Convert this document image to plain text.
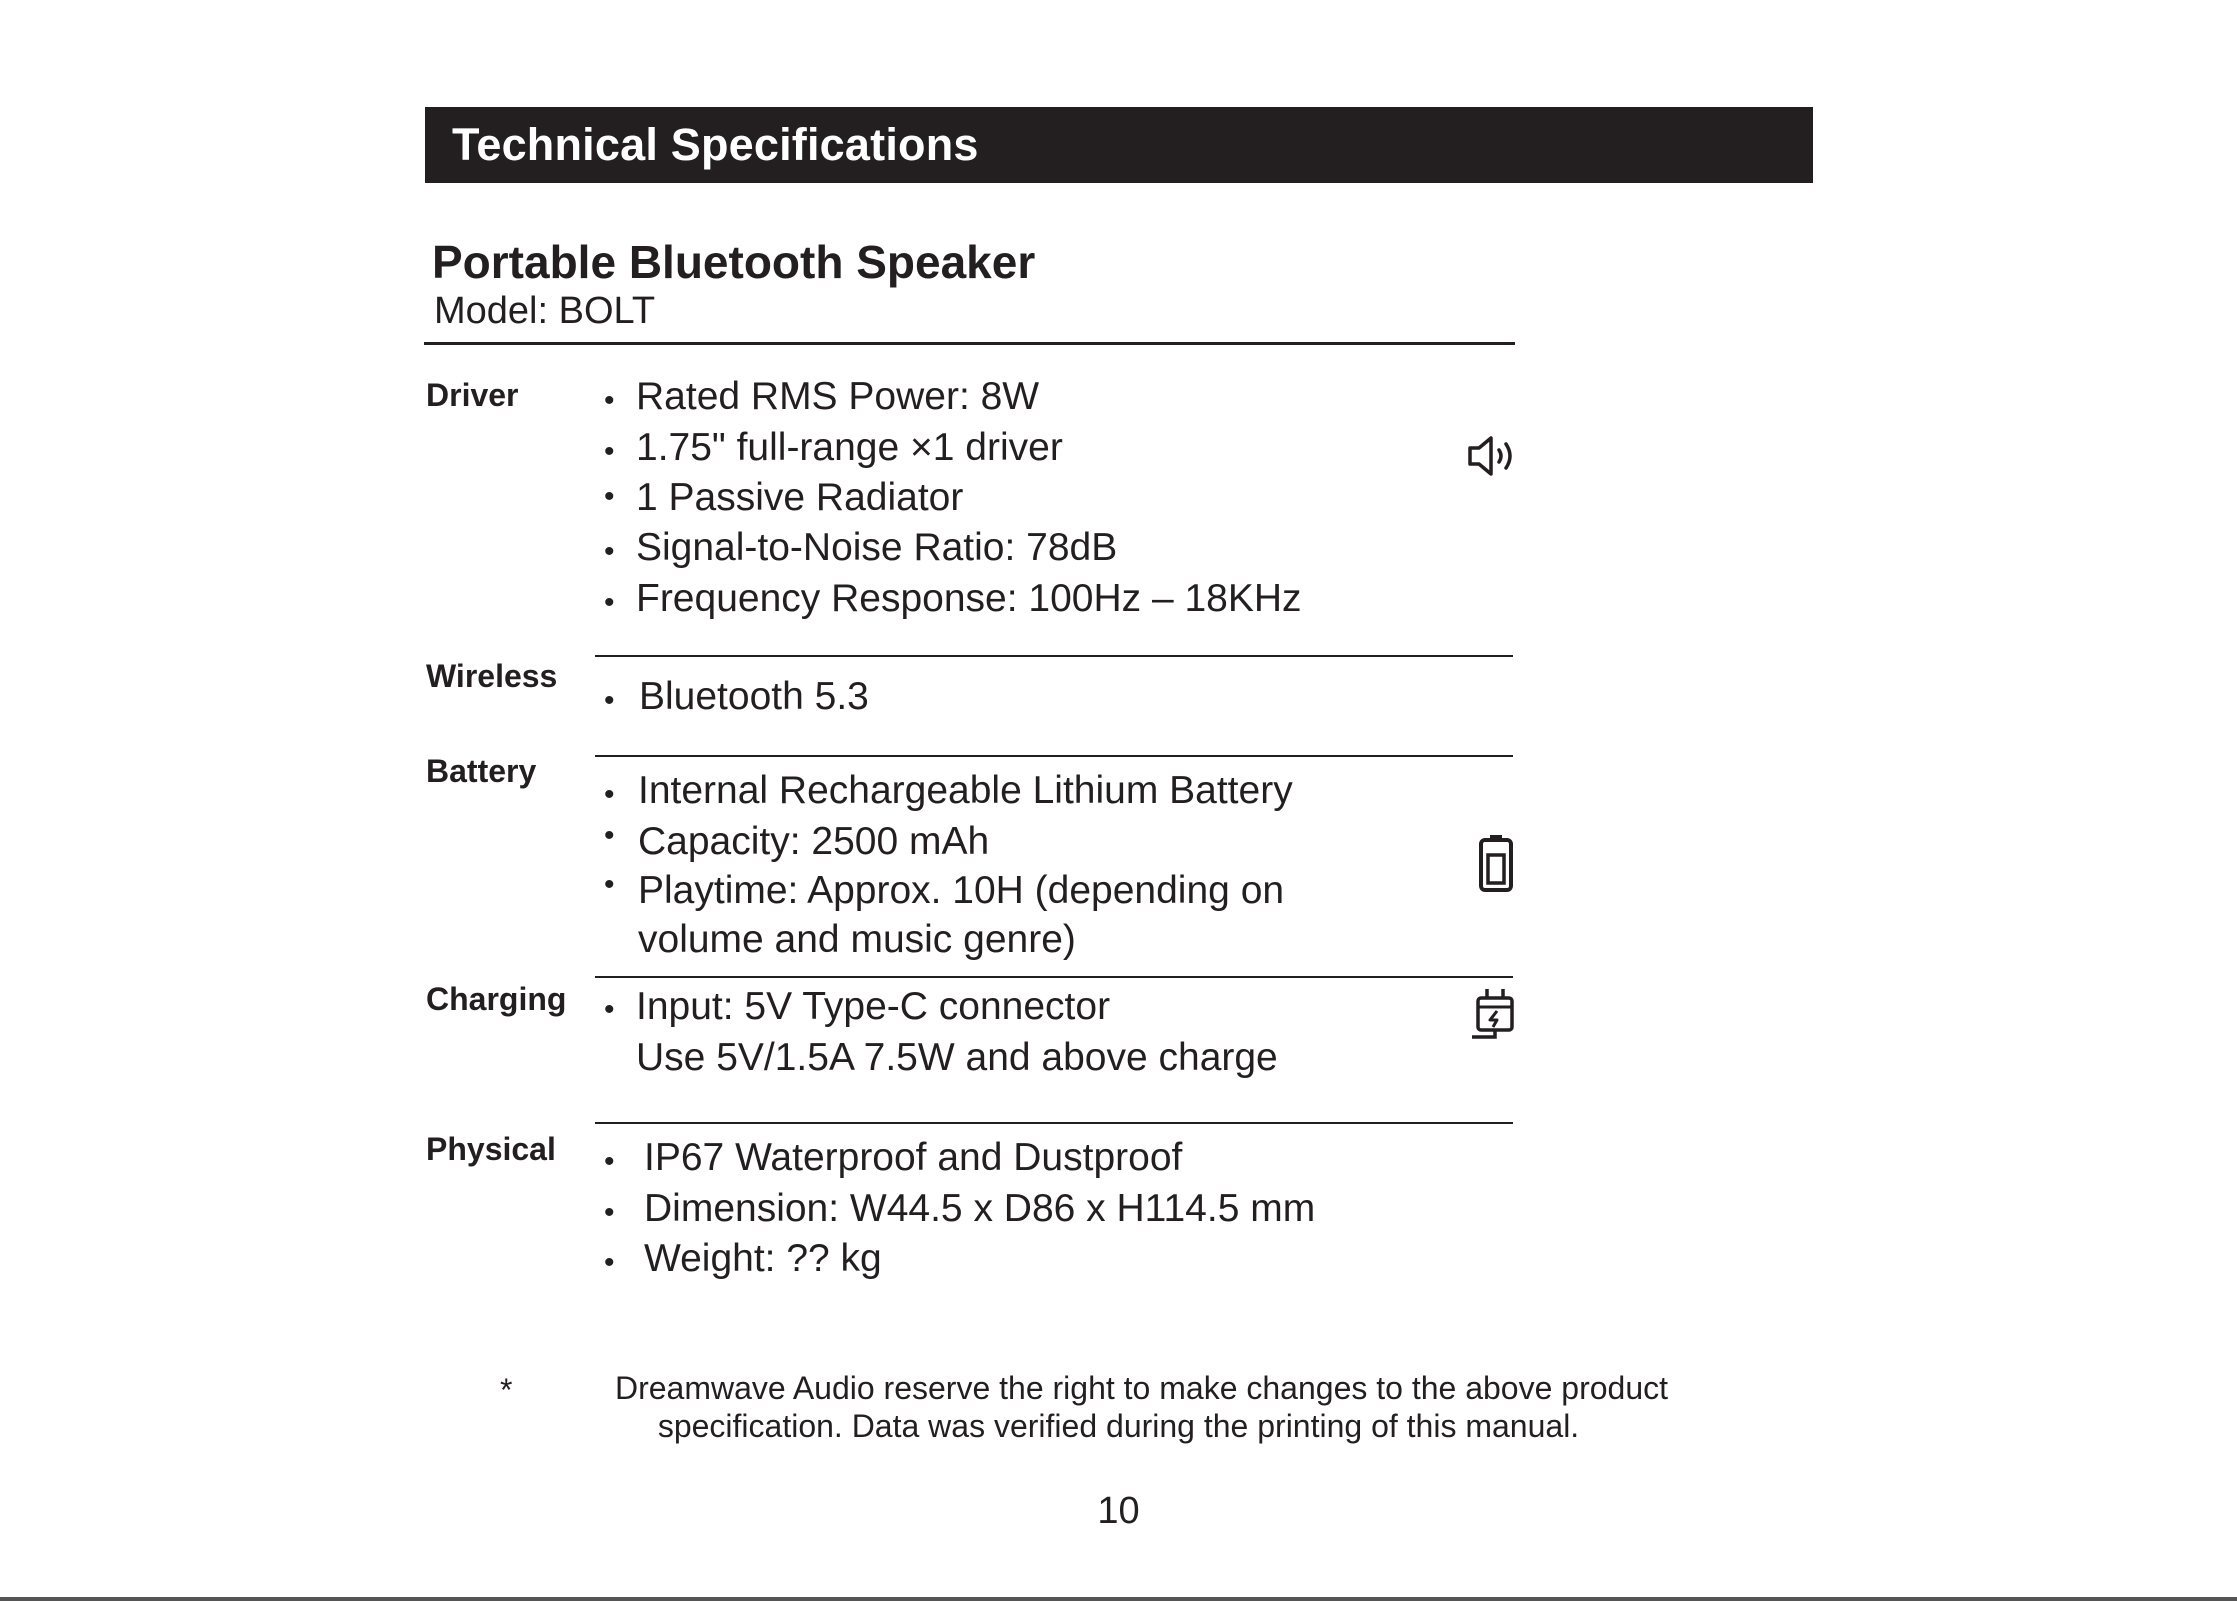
Technical Specifications
Portable Bluetooth Speaker
Model: BOLT
Driver	• Rated RMS Power: 8W
• 1.75" full-range ×1 driver
• 1 Passive Radiator
• Signal-to-Noise Ratio: 78dB
• Frequency Response: 100Hz – 18KHz
Wireless
• Bluetooth 5.3
Battery
• Internal Rechargeable Lithium Battery
• Capacity: 2500 mAh
• Playtime: Approx. 10H (depending on
volume and music genre)
Charging • Input: 5V Type-C connector
Use 5V/1.5A 7.5W and above charge
Physical • IP67 Waterproof and Dustproof
• Dimension: W44.5 x D86 x H114.5 mm
• Weight: ?? kg
*	Dreamwave Audio reserve the right to make changes to the above product
specification. Data was verified during the printing of this manual.
10
